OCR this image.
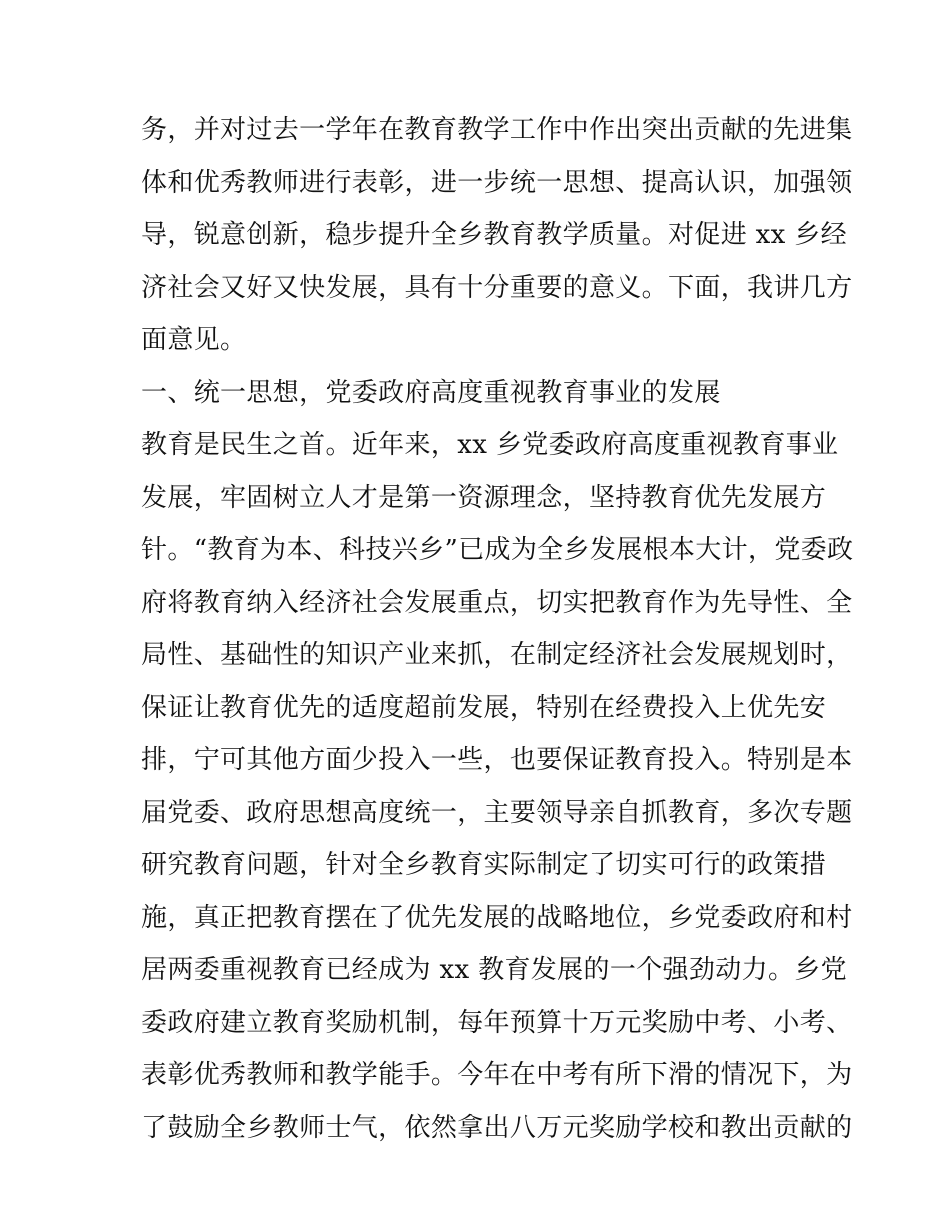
务，并对过去一学年在教育教学工作中作出突出贡献的先进集
体和优秀教师进行表彰，进一步统一思想、提高认识，加强领
导，锐意创新，稳步提升全乡教育教学质量。对促进 xx 乡经
济社会又好又快发展，具有十分重要的意义。下面，我讲几方
面意见。
一、统一思想，党委政府高度重视教育事业的发展
教育是民生之首。近年来，xx 乡党委政府高度重视教育事业
发展，牢固树立人才是第一资源理念，坚持教育优先发展方
针。“教育为本、科技兴乡”已成为全乡发展根本大计，党委政
府将教育纳入经济社会发展重点，切实把教育作为先导性、全
局性、基础性的知识产业来抓，在制定经济社会发展规划时，
保证让教育优先的适度超前发展，特别在经费投入上优先安
排，宁可其他方面少投入一些，也要保证教育投入。特别是本
届党委、政府思想高度统一，主要领导亲自抓教育，多次专题
研究教育问题，针对全乡教育实际制定了切实可行的政策措
施，真正把教育摆在了优先发展的战略地位，乡党委政府和村
居两委重视教育已经成为 xx 教育发展的一个强劲动力。乡党
委政府建立教育奖励机制，每年预算十万元奖励中考、小考、
表彰优秀教师和教学能手。今年在中考有所下滑的情况下，为
了鼓励全乡教师士气，依然拿出八万元奖励学校和教出贡献的
